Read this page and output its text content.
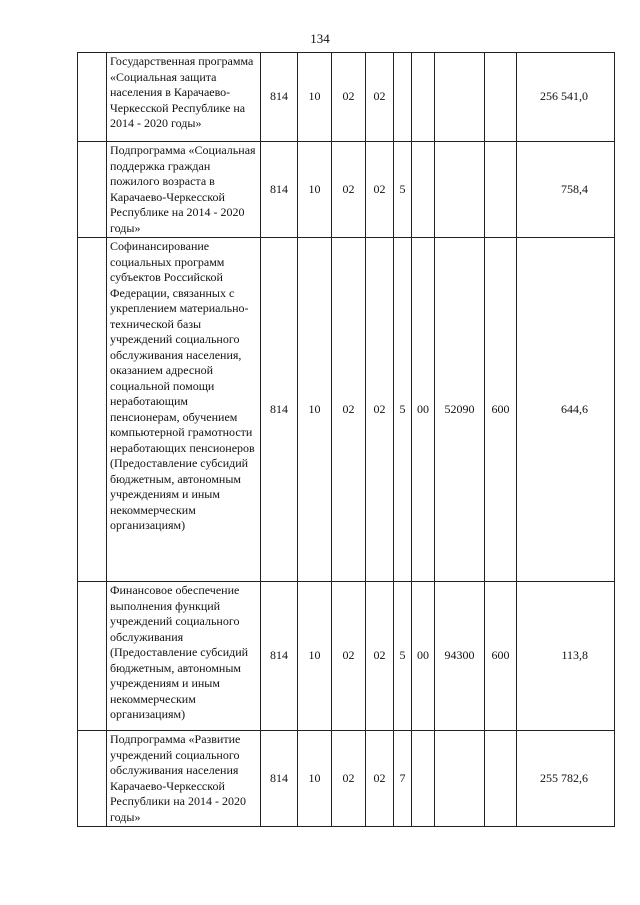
134
	Государственная программа «Социальная защита населения в Карачаево-Черкесской Республике на 2014 - 2020 годы»	814	10	02	02					256 541,0
	Подпрограмма «Социальная поддержка граждан пожилого возраста в Карачаево-Черкесской Республике на 2014 - 2020 годы»	814	10	02	02	5				758,4
	Софинансирование социальных программ субъектов Российской Федерации, связанных с укреплением материально-технической базы учреждений социального обслуживания населения, оказанием адресной социальной помощи неработающим пенсионерам, обучением компьютерной грамотности неработающих пенсионеров (Предоставление субсидий бюджетным, автономным учреждениям и иным некоммерческим организациям)	814	10	02	02	5	00	52090	600	644,6
	Финансовое обеспечение выполнения функций учреждений социального обслуживания (Предоставление субсидий бюджетным, автономным учреждениям и иным некоммерческим организациям)	814	10	02	02	5	00	94300	600	113,8
	Подпрограмма «Развитие учреждений социального обслуживания населения Карачаево-Черкесской Республики на 2014 - 2020 годы»	814	10	02	02	7				255 782,6
